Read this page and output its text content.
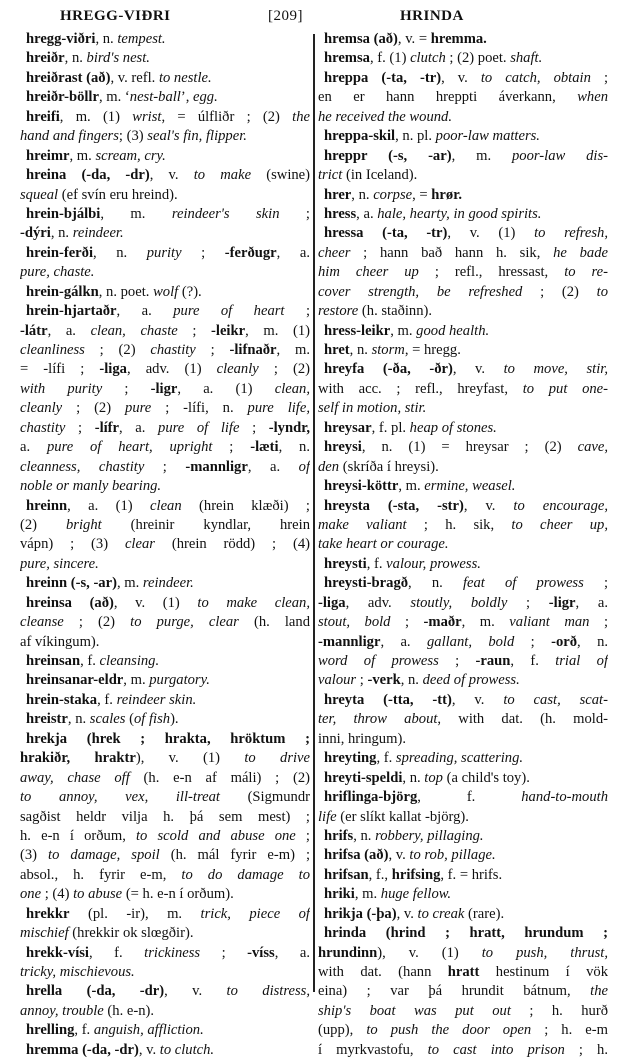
HREGG-VIÐRI	[209]	HRINDA
hregg-viðri, n. tempest.
hreiðr, n. bird's nest.
hreiðrast (að), v. refl. to nestle.
hreiðr-böllr, m. ‘nest-ball’, egg.
hreifi, m. (1) wrist, = úlfliðr ; (2) the
hand and fingers; (3) seal's fin, flipper.
hreimr, m. scream, cry.
hreina (-da, -dr), v. to make (swine)
squeal (ef svín eru hreind).
hrein-bjálbi, m. reindeer's skin ;
-dýri, n. reindeer.
hrein-ferði, n. purity ; -ferðugr, a.
pure, chaste.
hrein-gálkn, n. poet. wolf (?).
hrein-hjartaðr, a. pure of heart ;
-látr, a. clean, chaste ; -leikr, m. (1)
cleanliness ; (2) chastity ; -lifnaðr, m.
= -lífi ; -liga, adv. (1) cleanly ; (2)
with purity ; -ligr, a. (1) clean,
cleanly ; (2) pure ; -lífi, n. pure life,
chastity ; -lífr, a. pure of life ; -lyndr,
a. pure of heart, upright ; -læti, n.
cleanness, chastity ; -mannligr, a. of
noble or manly bearing.
hreinn, a. (1) clean (hrein klæði) ;
(2) bright (hreinir kyndlar, hrein
vápn) ; (3) clear (hrein rödd) ; (4)
pure, sincere.
hreinn (-s, -ar), m. reindeer.
hreinsa (að), v. (1) to make clean,
cleanse ; (2) to purge, clear (h. land
af víkingum).
hreinsan, f. cleansing.
hreinsanar-eldr, m. purgatory.
hrein-staka, f. reindeer skin.
hreistr, n. scales (of fish).
hrekja (hrek ; hrakta, hröktum ;
hrakiðr, hraktr), v. (1) to drive
away, chase off (h. e-n af máli) ; (2)
to annoy, vex, ill-treat (Sigmundr
sagðist heldr vilja h. þá sem mest) ;
h. e-n í orðum, to scold and abuse one ;
(3) to damage, spoil (h. mál fyrir e-m) ;
absol., h. fyrir e-m, to do damage to
one ; (4) to abuse (= h. e-n í orðum).
hrekkr (pl. -ir), m. trick, piece of
mischief (hrekkir ok slœgðir).
hrekk-vísi, f. trickiness ; -víss, a.
tricky, mischievous.
hrella (-da, -dr), v. to distress,
annoy, trouble (h. e-n).
hrelling, f. anguish, affliction.
hremma (-da, -dr), v. to clutch.
hremsa (að), v. = hremma.
hremsa, f. (1) clutch ; (2) poet. shaft.
hreppa (-ta, -tr), v. to catch, obtain ;
en er hann hreppti áverkann, when
he received the wound.
hreppa-skil, n. pl. poor-law matters.
hreppr (-s, -ar), m. poor-law dis-
trict (in Iceland).
hrer, n. corpse, = hrør.
hress, a. hale, hearty, in good spirits.
hressa (-ta, -tr), v. (1) to refresh,
cheer ; hann bað hann h. sik, he bade
him cheer up ; refl., hressast, to re-
cover strength, be refreshed ; (2) to
restore (h. staðinn).
hress-leikr, m. good health.
hret, n. storm, = hregg.
hreyfa (-ða, -ðr), v. to move, stir,
with acc. ; refl., hreyfast, to put one-
self in motion, stir.
hreysar, f. pl. heap of stones.
hreysi, n. (1) = hreysar ; (2) cave,
den (skríða í hreysi).
hreysi-köttr, m. ermine, weasel.
hreysta (-sta, -str), v. to encourage,
make valiant ; h. sik, to cheer up,
take heart or courage.
hreysti, f. valour, prowess.
hreysti-bragð, n. feat of prowess ;
-liga, adv. stoutly, boldly ; -ligr, a.
stout, bold ; -maðr, m. valiant man ;
-mannligr, a. gallant, bold ; -orð, n.
word of prowess ; -raun, f. trial of
valour ; -verk, n. deed of prowess.
hreyta (-tta, -tt), v. to cast, scat-
ter, throw about, with dat. (h. mold-
inni, hringum).
hreyting, f. spreading, scattering.
hreyti-speldi, n. top (a child's toy).
hriflinga-björg, f. hand-to-mouth
life (er slíkt kallat -björg).
hrifs, n. robbery, pillaging.
hrifsa (að), v. to rob, pillage.
hrifsan, f., hrifsing, f. = hrifs.
hriki, m. huge fellow.
hrikja (-þa), v. to creak (rare).
hrinda (hrind ; hratt, hrundum ;
hrundinn), v. (1) to push, thrust,
with dat. (hann hratt hestinum í vök
eina) ; var þá hrundit bátnum, the
ship's boat was put out ; h. hurð
(upp), to push the door open ; h. e-m
í myrkvastofu, to cast into prison ; h.
